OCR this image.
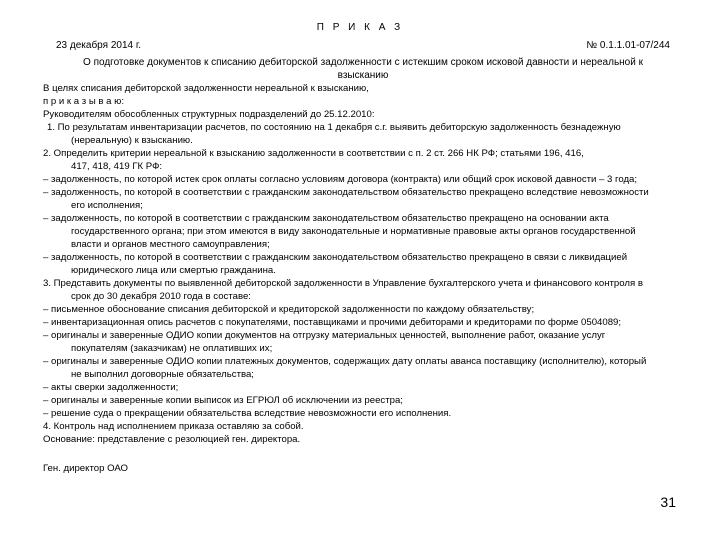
П Р И К А З
23 декабря 2014 г.	№ 0.1.1.01-07/244
О подготовке документов к списанию дебиторской задолженности с истекшим сроком исковой давности и нереальной к
взысканию
В целях списания дебиторской задолженности нереальной к взысканию,
п р и к а з ы в а ю:
Руководителям обособленных структурных подразделений до 25.12.2010:
1. По результатам инвентаризации расчетов, по состоянию на 1 декабря с.г. выявить дебиторскую задолженность безнадежную
(нереальную) к взысканию.
2. Определить критерии нереальной к взысканию задолженности в соответствии с п. 2 ст. 266 НК РФ; статьями 196, 416,
417, 418, 419 ГК РФ:
– задолженность, по которой истек срок оплаты согласно условиям договора (контракта) или общий срок исковой давности – 3 года;
– задолженность, по которой в соответствии с гражданским законодательством обязательство прекращено вследствие невозможности
его исполнения;
– задолженность, по которой в соответствии с гражданским законодательством обязательство прекращено на основании акта
государственного органа; при этом имеются в виду законодательные и нормативные правовые акты органов государственной
власти и органов местного самоуправления;
– задолженность, по которой в соответствии с гражданским законодательством обязательство прекращено в связи с ликвидацией
юридического лица или смертью гражданина.
3. Представить документы по выявленной дебиторской задолженности в Управление бухгалтерского учета и финансового контроля в
срок до 30 декабря 2010 года в составе:
– письменное обоснование списания дебиторской и кредиторской задолженности по каждому обязательству;
– инвентаризационная опись расчетов с покупателями, поставщиками и прочими дебиторами и кредиторами по форме 0504089;
– оригиналы и заверенные ОДИО копии документов на отгрузку материальных ценностей, выполнение работ, оказание услуг
покупателям (заказчикам) не оплативших их;
– оригиналы и заверенные ОДИО копии платежных документов, содержащих дату оплаты аванса поставщику (исполнителю), который
не выполнил договорные обязательства;
– акты сверки задолженности;
– оригиналы и заверенные копии выписок из ЕГРЮЛ об исключении из реестра;
– решение суда о прекращении обязательства вследствие невозможности его исполнения.
4. Контроль над исполнением приказа оставляю за собой.
Основание: представление с резолюцией ген. директора.
Ген. директор ОАО
31
